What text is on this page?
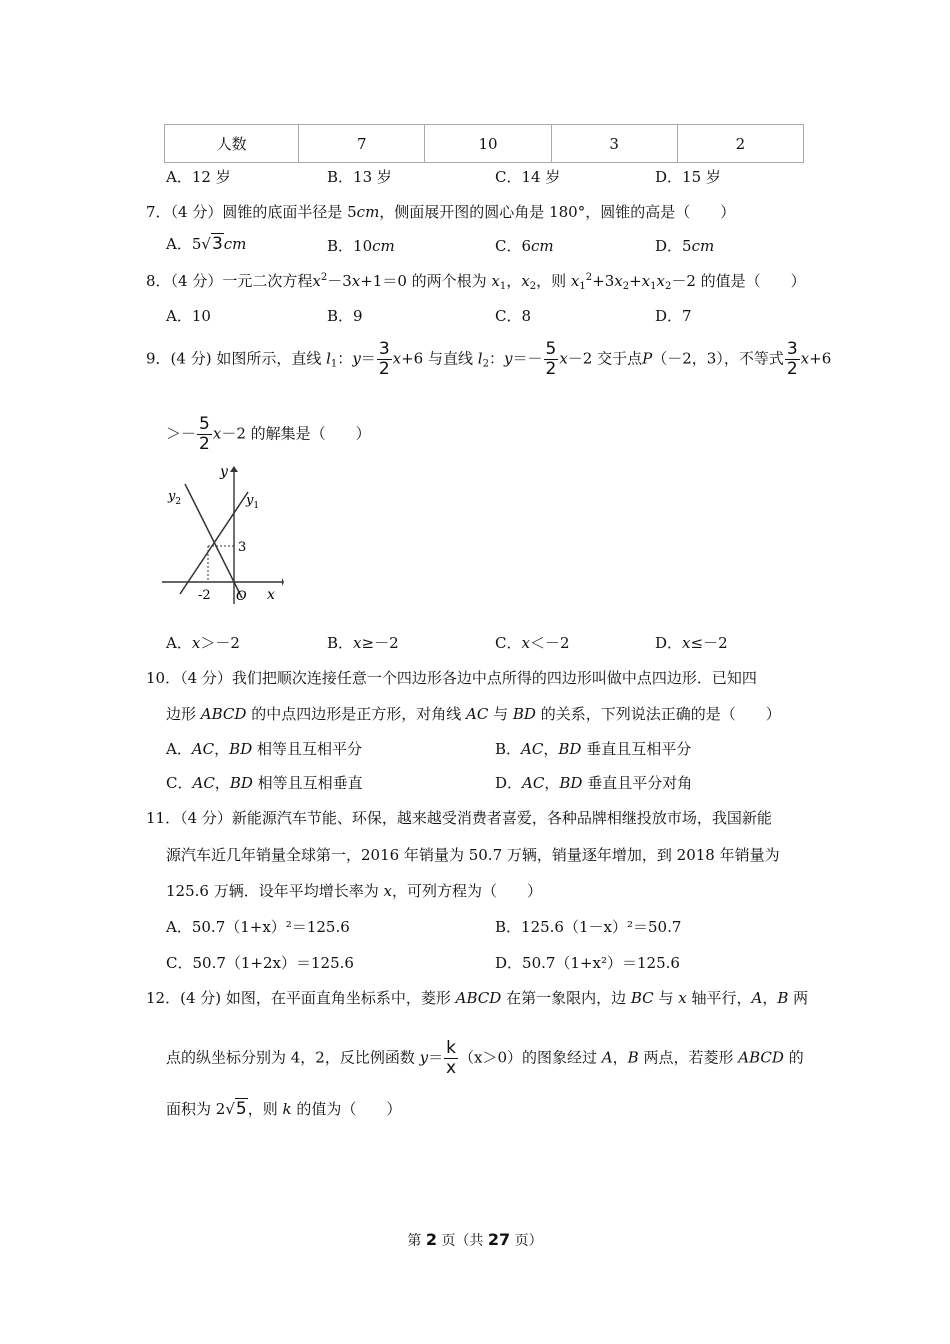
人数	7	10	3	2
A．12 岁	B．13 岁	C．14 岁	D．15 岁
7．（4 分）圆锥的底面半径是 5cm，侧面展开图的圆心角是 180°，圆锥的高是（　　）
A．5√3cm	B．10cm	C．6cm	D．5cm
8．（4 分）一元二次方程$x^2-3x+1=0$ 的两个根为 $x_1$，$x_2$，则 $x_1^2+3x_2+x_1x_2-2$ 的值是（　　）
A．10	B．9	C．8	D．7
9．(4 分) 如图所示，直线 $l_1$：$y= \frac{3}{2} x+6$ 与直线 $l_2$：$y=- \frac{5}{2} x-2$ 交于点P（－2，3），不等式 $\frac{3}{2} x+6$
＞－ $\frac{5}{2} x-2$ 的解集是（　　）
y
x
$y_1$
$y_2$
3
-2 O
A．x＞－2	B．x≥－2	C．x＜－2	D．x≤－2
10．（4 分）我们把顺次连接任意一个四边形各边中点所得的四边形叫做中点四边形．已知四
边形 ABCD 的中点四边形是正方形，对角线 AC 与 BD 的关系，下列说法正确的是（　　）
A．AC，BD 相等且互相平分	B．AC，BD 垂直且互相平分
C．AC，BD 相等且互相垂直	D．AC，BD 垂直且平分对角
11．（4 分）新能源汽车节能、环保，越来越受消费者喜爱，各种品牌相继投放市场，我国新能
源汽车近几年销量全球第一，2016 年销量为 50.7 万辆，销量逐年增加，到 2018 年销量为
125.6 万辆．设年平均增长率为 x，可列方程为（　　）
A．50.7（1+x）²＝125.6	B．125.6（1－x）²＝50.7
C．50.7（1+2x）＝125.6	D．50.7（1+x²）＝125.6
12．(4 分) 如图，在平面直角坐标系中，菱形 ABCD 在第一象限内，边 BC 与 x 轴平行，A，B 两
点的纵坐标分别为 4，2，反比例函数 $y= \frac{k}{x} (x>0)$的图象经过 A，B 两点，若菱形 ABCD 的
面积为 2√5，则 k 的值为（　　）
第 2 页（共 27 页）
